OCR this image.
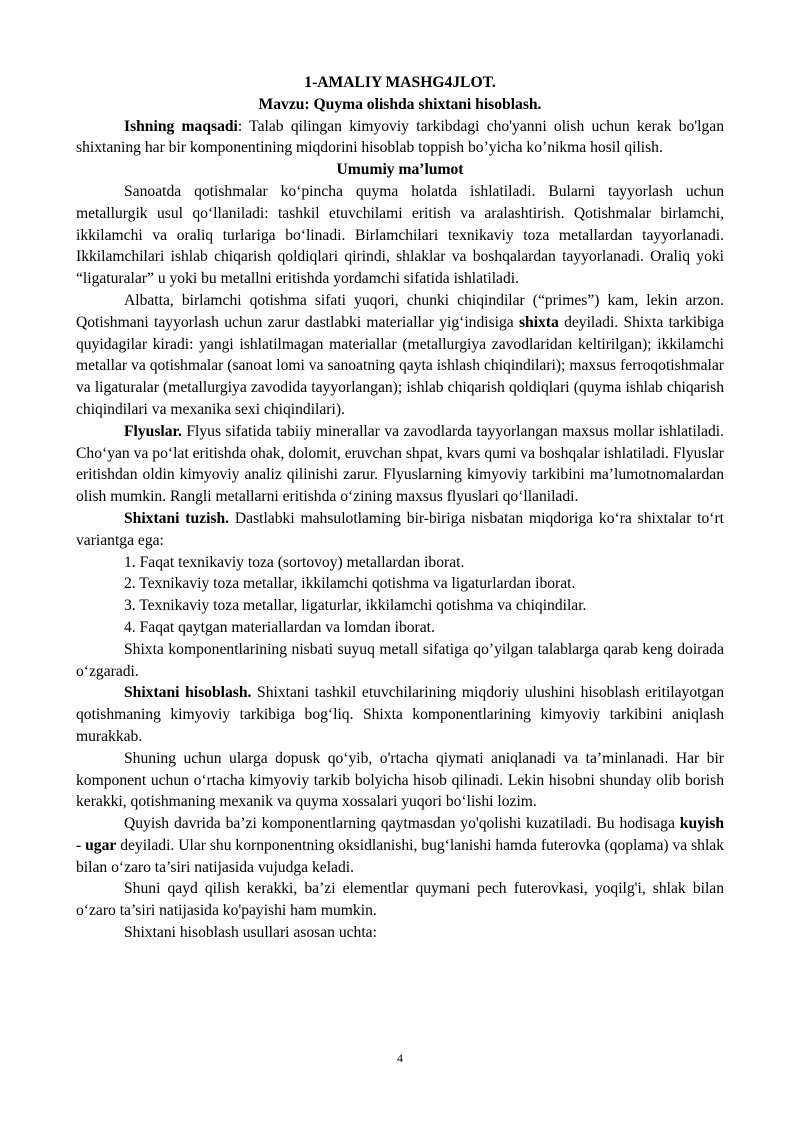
1-AMALIY MASHG4JLOT.
Mavzu: Quyma olishda shixtani hisoblash.

Ishning maqsadi: Talab qilingan kimyoviy tarkibdagi cho'yanni olish uchun kerak bo'lgan shixtaning har bir komponentining miqdorini hisoblab toppish bo’yicha ko’nikma hosil qilish.

Umumiy ma’lumot

Sanoatda qotishmalar ko‘pincha quyma holatda ishlatiladi. Bularni tayyorlash uchun metallurgik usul qo‘llaniladi: tashkil etuvchilami eritish va aralashtirish. Qotishmalar birlamchi, ikkilamchi va oraliq turlariga bo‘linadi. Birlamchilari texnikaviy toza metallardan tayyorlanadi. Ikkilamchilari ishlab chiqarish qoldiqlari qirindi, shlaklar va boshqalardan tayyorlanadi. Oraliq yoki “ligaturalar” u yoki bu metallni eritishda yordamchi sifatida ishlatiladi.

Albatta, birlamchi qotishma sifati yuqori, chunki chiqindilar (“primes”) kam, lekin arzon. Qotishmani tayyorlash uchun zarur dastlabki materiallar yig‘indisiga shixta deyiladi. Shixta tarkibiga quyidagilar kiradi: yangi ishlatilmagan materiallar (metallurgiya zavodlaridan keltirilgan); ikkilamchi metallar va qotishmalar (sanoat lomi va sanoatning qayta ishlash chiqindilari); maxsus ferroqotishmalar va ligaturalar (metallurgiya zavodida tayyorlangan); ishlab chiqarish qoldiqlari (quyma ishlab chiqarish chiqindilari va mexanika sexi chiqindilari).

Flyuslar. Flyus sifatida tabiiy minerallar va zavodlarda tayyorlangan maxsus mollar ishlatiladi. Cho‘yan va po‘lat eritishda ohak, dolomit, eruvchan shpat, kvars qumi va boshqalar ishlatiladi. Flyuslar eritishdan oldin kimyoviy analiz qilinishi zarur. Flyuslarning kimyoviy tarkibini ma’lumotnomalardan olish mumkin. Rangli metallarni eritishda o‘zining maxsus flyuslari qo‘llaniladi.

Shixtani tuzish. Dastlabki mahsulotlaming bir-biriga nisbatan miqdoriga ko‘ra shixtalar to‘rt variantga ega:

1. Faqat texnikaviy toza (sortovoy) metallardan iborat.
2. Texnikaviy toza metallar, ikkilamchi qotishma va ligaturlardan iborat.
3. Texnikaviy toza metallar, ligaturlar, ikkilamchi qotishma va chiqindilar.
4. Faqat qaytgan materiallardan va lomdan iborat.

Shixta komponentlarining nisbati suyuq metall sifatiga qo’yilgan talablarga qarab keng doirada o‘zgaradi.

Shixtani hisoblash. Shixtani tashkil etuvchilarining miqdoriy ulushini hisoblash eritilayotgan qotishmaning kimyoviy tarkibiga bog‘liq. Shixta komponentlarining kimyoviy tarkibini aniqlash murakkab.

Shuning uchun ularga dopusk qo‘yib, o'rtacha qiymati aniqlanadi va ta’minlanadi. Har bir komponent uchun o‘rtacha kimyoviy tarkib bolyicha hisob qilinadi. Lekin hisobni shunday olib borish kerakki, qotishmaning mexanik va quyma xossalari yuqori bo‘lishi lozim.

Quyish davrida ba’zi komponentlarning qaytmasdan yo'qolishi kuzatiladi. Bu hodisaga kuyish - ugar deyiladi. Ular shu kornponentning oksidlanishi, bug‘lanishi hamda futerovka (qoplama) va shlak bilan o‘zaro ta’siri natijasida vujudga keladi.

Shuni qayd qilish kerakki, ba’zi elementlar quymani pech futerovkasi, yoqilg'i, shlak bilan o‘zaro ta’siri natijasida ko'payishi ham mumkin.

Shixtani hisoblash usullari asosan uchta:

4
